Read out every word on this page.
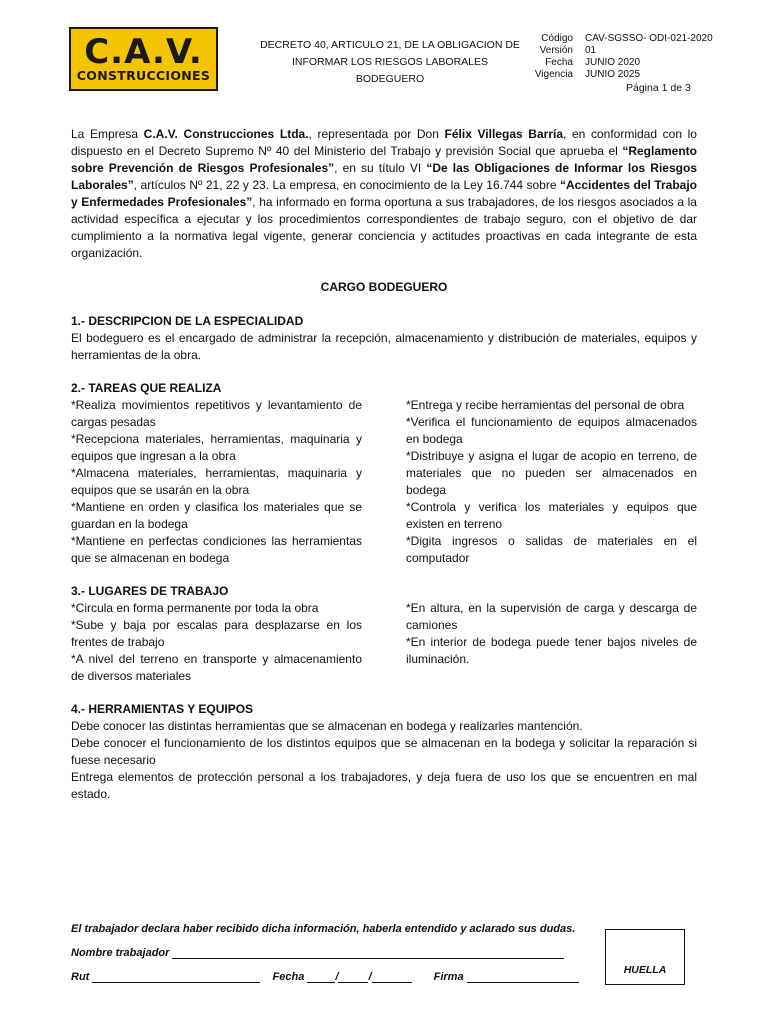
C.A.V.
CONSTRUCCIONES
DECRETO 40, ARTICULO 21, DE LA OBLIGACION DE
INFORMAR LOS RIESGOS LABORALES
BODEGUERO
Código	CAV-SGSSO- ODI-021-2020
Versión	01
Fecha	JUNIO 2020
Vigencia	JUNIO 2025
Página 1 de 3

La Empresa C.A.V. Construcciones Ltda., representada por Don Félix Villegas Barría, en conformidad con lo dispuesto en el Decreto Supremo Nº 40 del Ministerio del Trabajo y previsión Social que aprueba el “Reglamento sobre Prevención de Riesgos Profesionales”, en su título VI “De las Obligaciones de Informar los Riesgos Laborales”, artículos Nº 21, 22 y 23. La empresa, en conocimiento de la Ley 16.744 sobre “Accidentes del Trabajo y Enfermedades Profesionales”, ha informado en forma oportuna a sus trabajadores, de los riesgos asociados a la actividad específica a ejecutar y los procedimientos correspondientes de trabajo seguro, con el objetivo de dar cumplimiento a la normativa legal vigente, generar conciencia y actitudes proactivas en cada integrante de esta organización.

CARGO BODEGUERO

1.- DESCRIPCION DE LA ESPECIALIDAD

El bodeguero es el encargado de administrar la recepción, almacenamiento y distribución de materiales, equipos y herramientas de la obra.

2.- TAREAS QUE REALIZA

*Realiza movimientos repetitivos y levantamiento de cargas pesadas

*Recepciona materiales, herramientas, maquinaria y equipos que ingresan a la obra

*Almacena materiales, herramientas, maquinaria y equipos que se usarán en la obra

*Mantiene en orden y clasifica los materiales que se guardan en la bodega

*Mantiene en perfectas condiciones las herramientas que se almacenan en bodega

*Entrega y recibe herramientas del personal de obra

*Verifica el funcionamiento de equipos almacenados en bodega

*Distribuye y asigna el lugar de acopio en terreno, de materiales que no pueden ser almacenados en bodega

*Controla y verifica los materiales y equipos que existen en terreno

*Digita ingresos o salidas de materiales en el computador

3.- LUGARES DE TRABAJO

*Circula en forma permanente por toda la obra

*Sube y baja por escalas para desplazarse en los frentes de trabajo

*A nivel del terreno en transporte y almacenamiento de diversos materiales

*En altura, en la supervisión de carga y descarga de camiones

*En interior de bodega puede tener bajos niveles de iluminación.

4.- HERRAMIENTAS Y EQUIPOS

Debe conocer las distintas herramientas que se almacenan en bodega y realizarles mantención.

Debe conocer el funcionamiento de los distintos equipos que se almacenan en la bodega y solicitar la reparación si fuese necesario

Entrega elementos de protección personal a los trabajadores, y deja fuera de uso los que se encuentren en mal estado.

El trabajador declara haber recibido dicha información, haberla entendido y aclarado sus dudas.
Nombre trabajador
Rut	Fecha	/	/	Firma
HUELLA
